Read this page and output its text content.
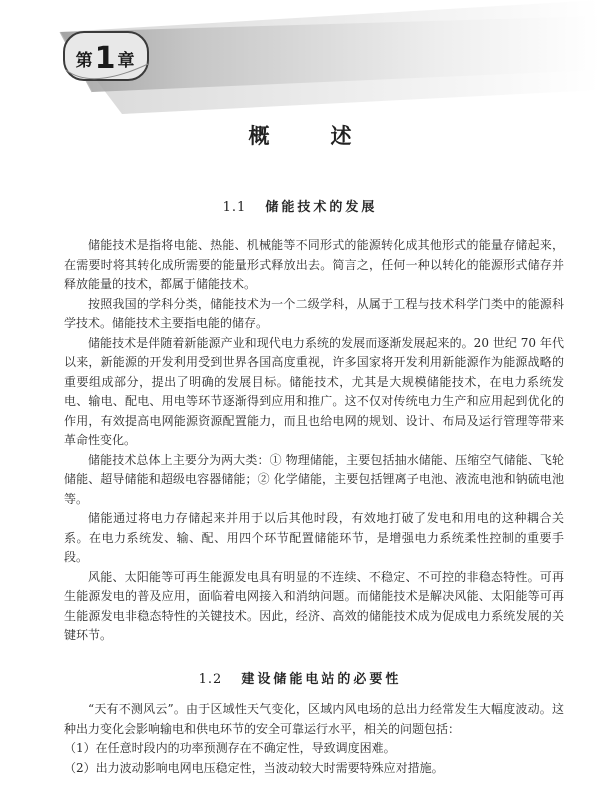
第 1 章
概　述
1.1 储能技术的发展

储能技术是指将电能、热能、机械能等不同形式的能源转化成其他形式的能量存储起来，在需要时将其转化成所需要的能量形式释放出去。简言之，任何一种以转化的能源形式储存并释放能量的技术，都属于储能技术。

按照我国的学科分类，储能技术为一个二级学科，从属于工程与技术科学门类中的能源科学技术。储能技术主要指电能的储存。

储能技术是伴随着新能源产业和现代电力系统的发展而逐渐发展起来的。20 世纪 70 年代以来，新能源的开发利用受到世界各国高度重视，许多国家将开发利用新能源作为能源战略的重要组成部分，提出了明确的发展目标。储能技术，尤其是大规模储能技术，在电力系统发电、输电、配电、用电等环节逐渐得到应用和推广。这不仅对传统电力生产和应用起到优化的作用，有效提高电网能源资源配置能力，而且也给电网的规划、设计、布局及运行管理等带来革命性变化。

储能技术总体上主要分为两大类：① 物理储能，主要包括抽水储能、压缩空气储能、飞轮储能、超导储能和超级电容器储能；② 化学储能，主要包括锂离子电池、液流电池和钠硫电池等。

储能通过将电力存储起来并用于以后其他时段，有效地打破了发电和用电的这种耦合关系。在电力系统发、输、配、用四个环节配置储能环节，是增强电力系统柔性控制的重要手段。

风能、太阳能等可再生能源发电具有明显的不连续、不稳定、不可控的非稳态特性。可再生能源发电的普及应用，面临着电网接入和消纳问题。而储能技术是解决风能、太阳能等可再生能源发电非稳态特性的关键技术。因此，经济、高效的储能技术成为促成电力系统发展的关键环节。

1.2 建设储能电站的必要性

“天有不测风云”。由于区域性天气变化，区域内风电场的总出力经常发生大幅度波动。这种出力变化会影响输电和供电环节的安全可靠运行水平，相关的问题包括：

（1）在任意时段内的功率预测存在不确定性，导致调度困难。

（2）出力波动影响电网电压稳定性，当波动较大时需要特殊应对措施。
